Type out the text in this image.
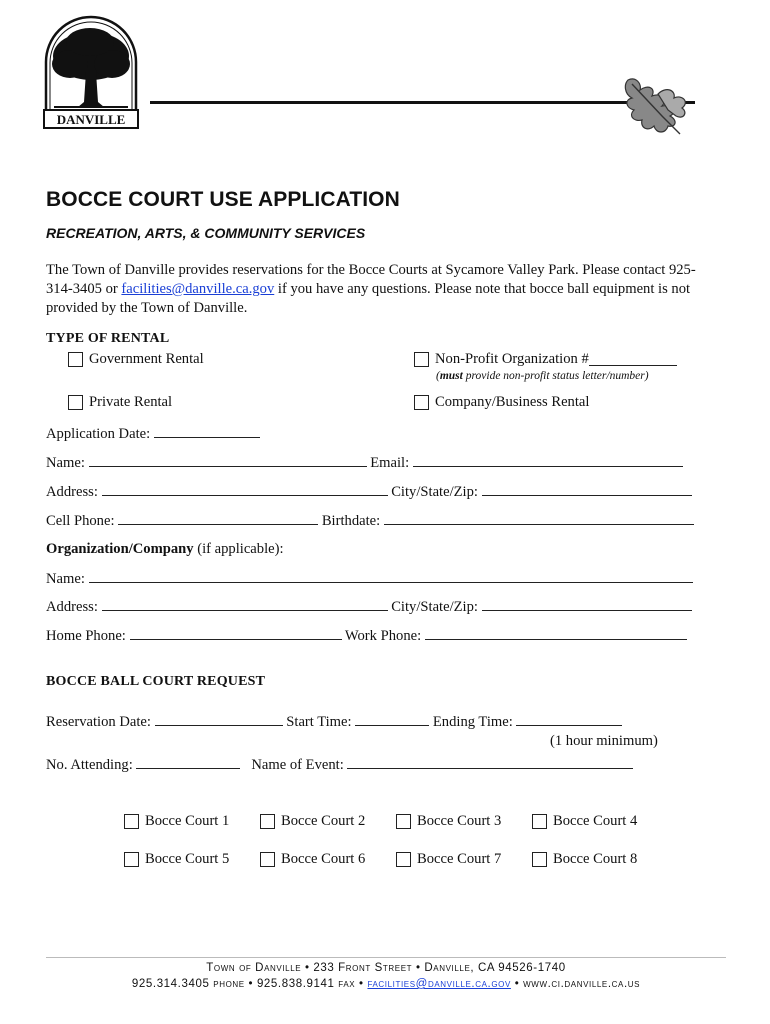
DANVILLE
BOCCE COURT USE APPLICATION
RECREATION, ARTS, & COMMUNITY SERVICES
The Town of Danville provides reservations for the Bocce Courts at Sycamore Valley Park. Please contact 925-314-3405 or facilities@danville.ca.gov if you have any questions. Please note that bocce ball equipment is not provided by the Town of Danville.
TYPE OF RENTAL
Government Rental	Non-Profit Organization #
(must provide non-profit status letter/number)
Private Rental	Company/Business Rental
Application Date:
Name:	Email:
Address:	City/State/Zip:
Cell Phone:	Birthdate:
Organization/Company (if applicable):
Name:
Address:	City/State/Zip:
Home Phone:	Work Phone:
BOCCE BALL COURT REQUEST
Reservation Date:	Start Time:	Ending Time:
(1 hour minimum)
No. Attending:	Name of Event:
Bocce Court 1	Bocce Court 2	Bocce Court 3	Bocce Court 4
Bocce Court 5	Bocce Court 6	Bocce Court 7	Bocce Court 8
Town of Danville • 233 Front Street • Danville, CA 94526-1740
925.314.3405 phone • 925.838.9141 fax • facilities@danville.ca.gov • www.ci.danville.ca.us
